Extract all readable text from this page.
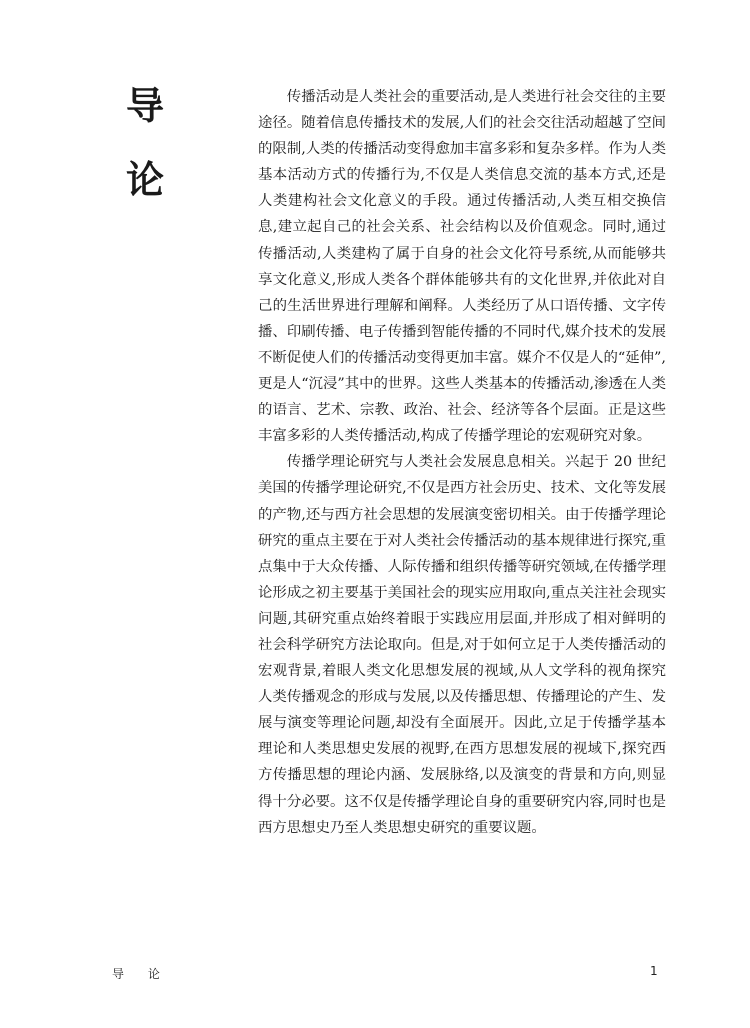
导
论

传播活动是人类社会的重要活动,是人类进行社会交往的主要途径。随着信息传播技术的发展,人们的社会交往活动超越了空间的限制,人类的传播活动变得愈加丰富多彩和复杂多样。作为人类基本活动方式的传播行为,不仅是人类信息交流的基本方式,还是人类建构社会文化意义的手段。通过传播活动,人类互相交换信息,建立起自己的社会关系、社会结构以及价值观念。同时,通过传播活动,人类建构了属于自身的社会文化符号系统,从而能够共享文化意义,形成人类各个群体能够共有的文化世界,并依此对自己的生活世界进行理解和阐释。人类经历了从口语传播、文字传播、印刷传播、电子传播到智能传播的不同时代,媒介技术的发展不断促使人们的传播活动变得更加丰富。媒介不仅是人的“延伸”,更是人“沉浸”其中的世界。这些人类基本的传播活动,渗透在人类的语言、艺术、宗教、政治、社会、经济等各个层面。正是这些丰富多彩的人类传播活动,构成了传播学理论的宏观研究对象。

传播学理论研究与人类社会发展息息相关。兴起于 20 世纪美国的传播学理论研究,不仅是西方社会历史、技术、文化等发展的产物,还与西方社会思想的发展演变密切相关。由于传播学理论研究的重点主要在于对人类社会传播活动的基本规律进行探究,重点集中于大众传播、人际传播和组织传播等研究领域,在传播学理论形成之初主要基于美国社会的现实应用取向,重点关注社会现实问题,其研究重点始终着眼于实践应用层面,并形成了相对鲜明的社会科学研究方法论取向。但是,对于如何立足于人类传播活动的宏观背景,着眼人类文化思想发展的视域,从人文学科的视角探究人类传播观念的形成与发展,以及传播思想、传播理论的产生、发展与演变等理论问题,却没有全面展开。因此,立足于传播学基本理论和人类思想史发展的视野,在西方思想发展的视域下,探究西方传播思想的理论内涵、发展脉络,以及演变的背景和方向,则显得十分必要。这不仅是传播学理论自身的重要研究内容,同时也是西方思想史乃至人类思想史研究的重要议题。

导 论	1
